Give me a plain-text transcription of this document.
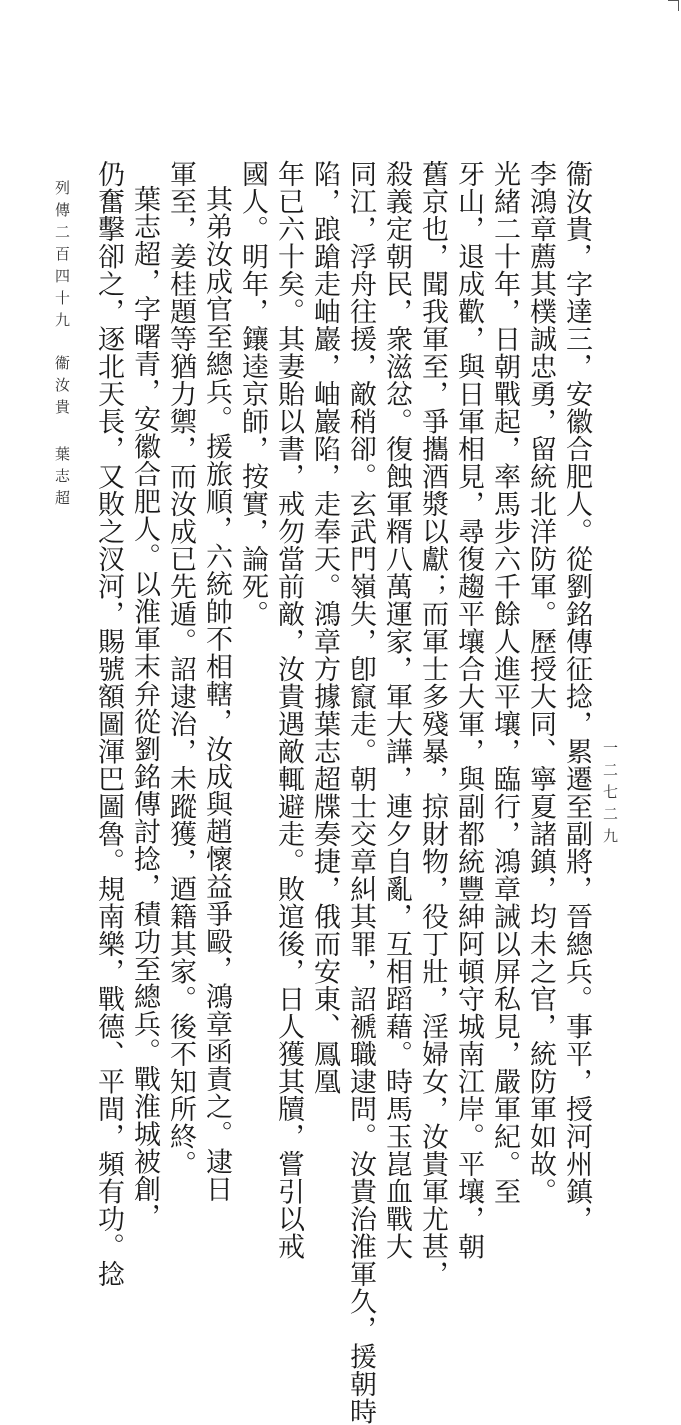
衞汝貴，字達三，安徽合肥人。從劉銘傳征捻，累遷至副將，晉總兵。事平，授河州鎮，
李鴻章薦其樸誠忠勇，留統北洋防軍。歷授大同、寧夏諸鎮，均未之官，統防軍如故。
光緒二十年，日朝戰起，率馬步六千餘人進平壤，臨行，鴻章誡以屏私見，嚴軍紀。至
牙山，退成歡，與日軍相見，尋復趨平壤合大軍，與副都統豐紳阿頓守城南江岸。平壤，朝
舊京也，聞我軍至，爭攜酒漿以獻；而軍士多殘暴，掠財物，役丁壯，淫婦女，汝貴軍尤甚，
殺義定朝民，衆滋忿。復蝕軍糈八萬運家，軍大譁，連夕自亂，互相蹈藉。時馬玉崑血戰大
同江，浮舟往援，敵稍卻。玄武門嶺失，卽竄走。朝士交章糾其罪，詔褫職逮問。汝貴治淮軍久，援朝時
陷，踉蹌走岫巖，岫巖陷，走奉天。鴻章方據葉志超牒奏捷，俄而安東、鳳凰
年已六十矣。其妻貽以書，戒勿當前敵，汝貴遇敵輒避走。敗逭後，日人獲其牘，嘗引以戒
國人。明年，鑲逵京師，按實，論死。
其弟汝成官至總兵。援旅順，六統帥不相轄，汝成與趙懷益爭毆，鴻章函責之。逮日
軍至，姜桂題等猶力禦，而汝成已先遁。詔逮治，未蹤獲，逎籍其家。後不知所終。
葉志超，字曙青，安徽合肥人。以淮軍末弁從劉銘傳討捻，積功至總兵。戰淮城被創，
仍奮擊卻之，逐北天長，又敗之汊河，賜號額圖渾巴圖魯。規南樂，戰德、平間，頻有功。捻
列傳二百四十九
衞汝貴 葉志超
一二七二九
